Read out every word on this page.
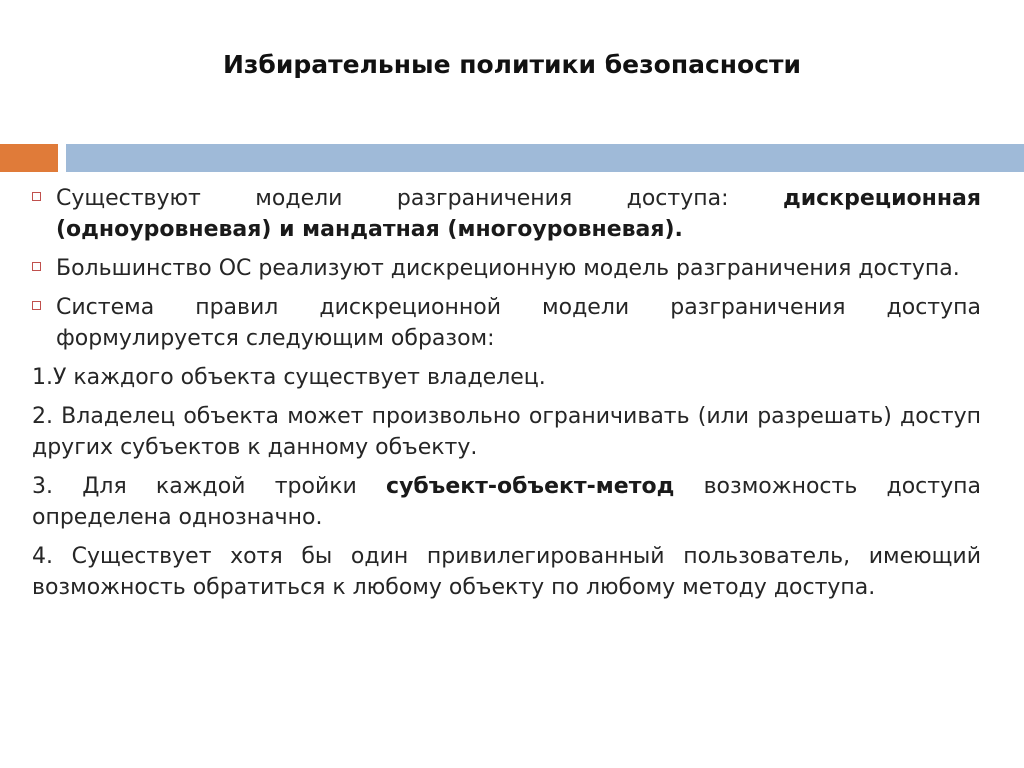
Избирательные политики безопасности
Существуют модели разграничения доступа: дискреционная (одноуровневая) и мандатная (многоуровневая).
Большинство ОС реализуют дискреционную модель разграничения доступа.
Система правил дискреционной модели разграничения доступа формулируется следующим образом:
1.У каждого объекта существует владелец.
2. Владелец объекта может произвольно ограничивать (или разрешать) доступ других субъектов к данному объекту.
3. Для каждой тройки субъект-объект-метод возможность доступа определена однозначно.
4. Существует хотя бы один привилегированный пользователь, имеющий возможность обратиться к любому объекту по любому методу доступа.
